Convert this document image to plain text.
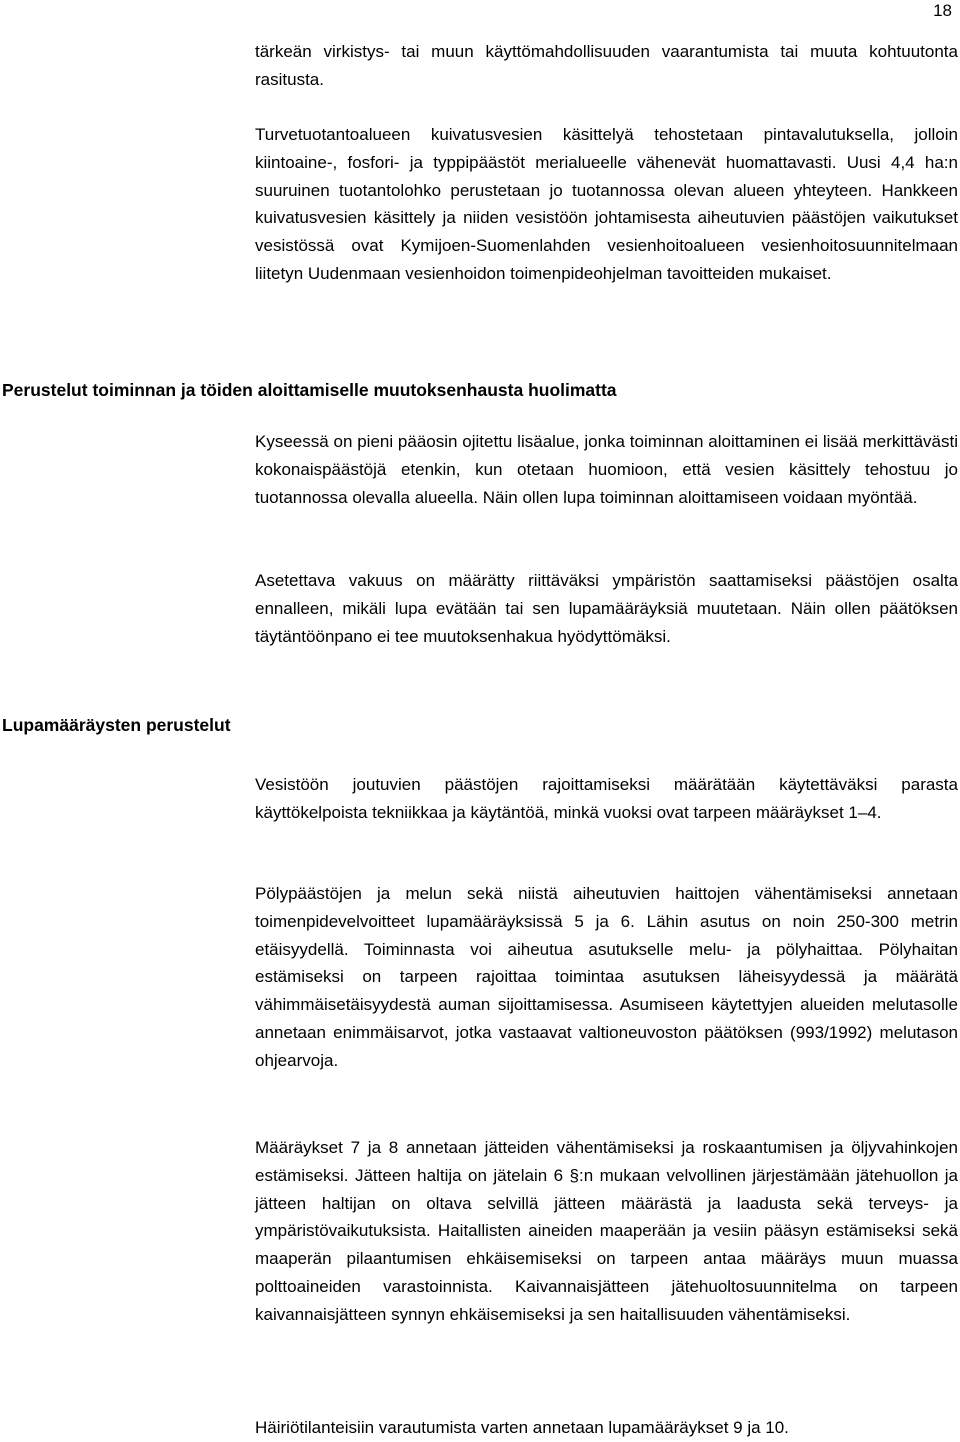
18

tärkeän virkistys- tai muun käyttömahdollisuuden vaarantumista tai muuta kohtuutonta rasitusta.

Turvetuotantoalueen kuivatusvesien käsittelyä tehostetaan pintavalutuksella, jolloin kiintoaine-, fosfori- ja typpipäästöt merialueelle vähenevät huomattavasti. Uusi 4,4 ha:n suuruinen tuotantolohko perustetaan jo tuotannossa olevan alueen yhteyteen. Hankkeen kuivatusvesien käsittely ja niiden vesistöön johtamisesta aiheutuvien päästöjen vaikutukset vesistössä ovat Kymijoen-Suomenlahden vesienhoitoalueen vesienhoitosuunnitelmaan liitetyn Uudenmaan vesienhoidon toimenpideohjelman tavoitteiden mukaiset.

Perustelut toiminnan ja töiden aloittamiselle muutoksenhausta huolimatta

Kyseessä on pieni pääosin ojitettu lisäalue, jonka toiminnan aloittaminen ei lisää merkittävästi kokonaispäästöjä etenkin, kun otetaan huomioon, että vesien käsittely tehostuu jo tuotannossa olevalla alueella. Näin ollen lupa toiminnan aloittamiseen voidaan myöntää.

Asetettava vakuus on määrätty riittäväksi ympäristön saattamiseksi päästöjen osalta ennalleen, mikäli lupa evätään tai sen lupamääräyksiä muutetaan. Näin ollen päätöksen täytäntöönpano ei tee muutoksenhakua hyödyttömäksi.

Lupamääräysten perustelut

Vesistöön joutuvien päästöjen rajoittamiseksi määrätään käytettäväksi parasta käyttökelpoista tekniikkaa ja käytäntöä, minkä vuoksi ovat tarpeen määräykset 1–4.

Pölypäästöjen ja melun sekä niistä aiheutuvien haittojen vähentämiseksi annetaan toimenpidevelvoitteet lupamääräyksissä 5 ja 6. Lähin asutus on noin 250-300 metrin etäisyydellä. Toiminnasta voi aiheutua asutukselle melu- ja pölyhaittaa. Pölyhaitan estämiseksi on tarpeen rajoittaa toimintaa asutuksen läheisyydessä ja määrätä vähimmäisetäisyydestä auman sijoittamisessa. Asumiseen käytettyjen alueiden melutasolle annetaan enimmäisarvot, jotka vastaavat valtioneuvoston päätöksen (993/1992) melutason ohjearvoja.

Määräykset 7 ja 8 annetaan jätteiden vähentämiseksi ja roskaantumisen ja öljyvahinkojen estämiseksi. Jätteen haltija on jätelain 6 §:n mukaan velvollinen järjestämään jätehuollon ja jätteen haltijan on oltava selvillä jätteen määrästä ja laadusta sekä terveys- ja ympäristövaikutuksista. Haitallisten aineiden maaperään ja vesiin pääsyn estämiseksi sekä maaperän pilaantumisen ehkäisemiseksi on tarpeen antaa määräys muun muassa polttoaineiden varastoinnista. Kaivannaisjätteen jätehuoltosuunnitelma on tarpeen kaivannaisjätteen synnyn ehkäisemiseksi ja sen haitallisuuden vähentämiseksi.

Häiriötilanteisiin varautumista varten annetaan lupamääräykset 9 ja 10.
